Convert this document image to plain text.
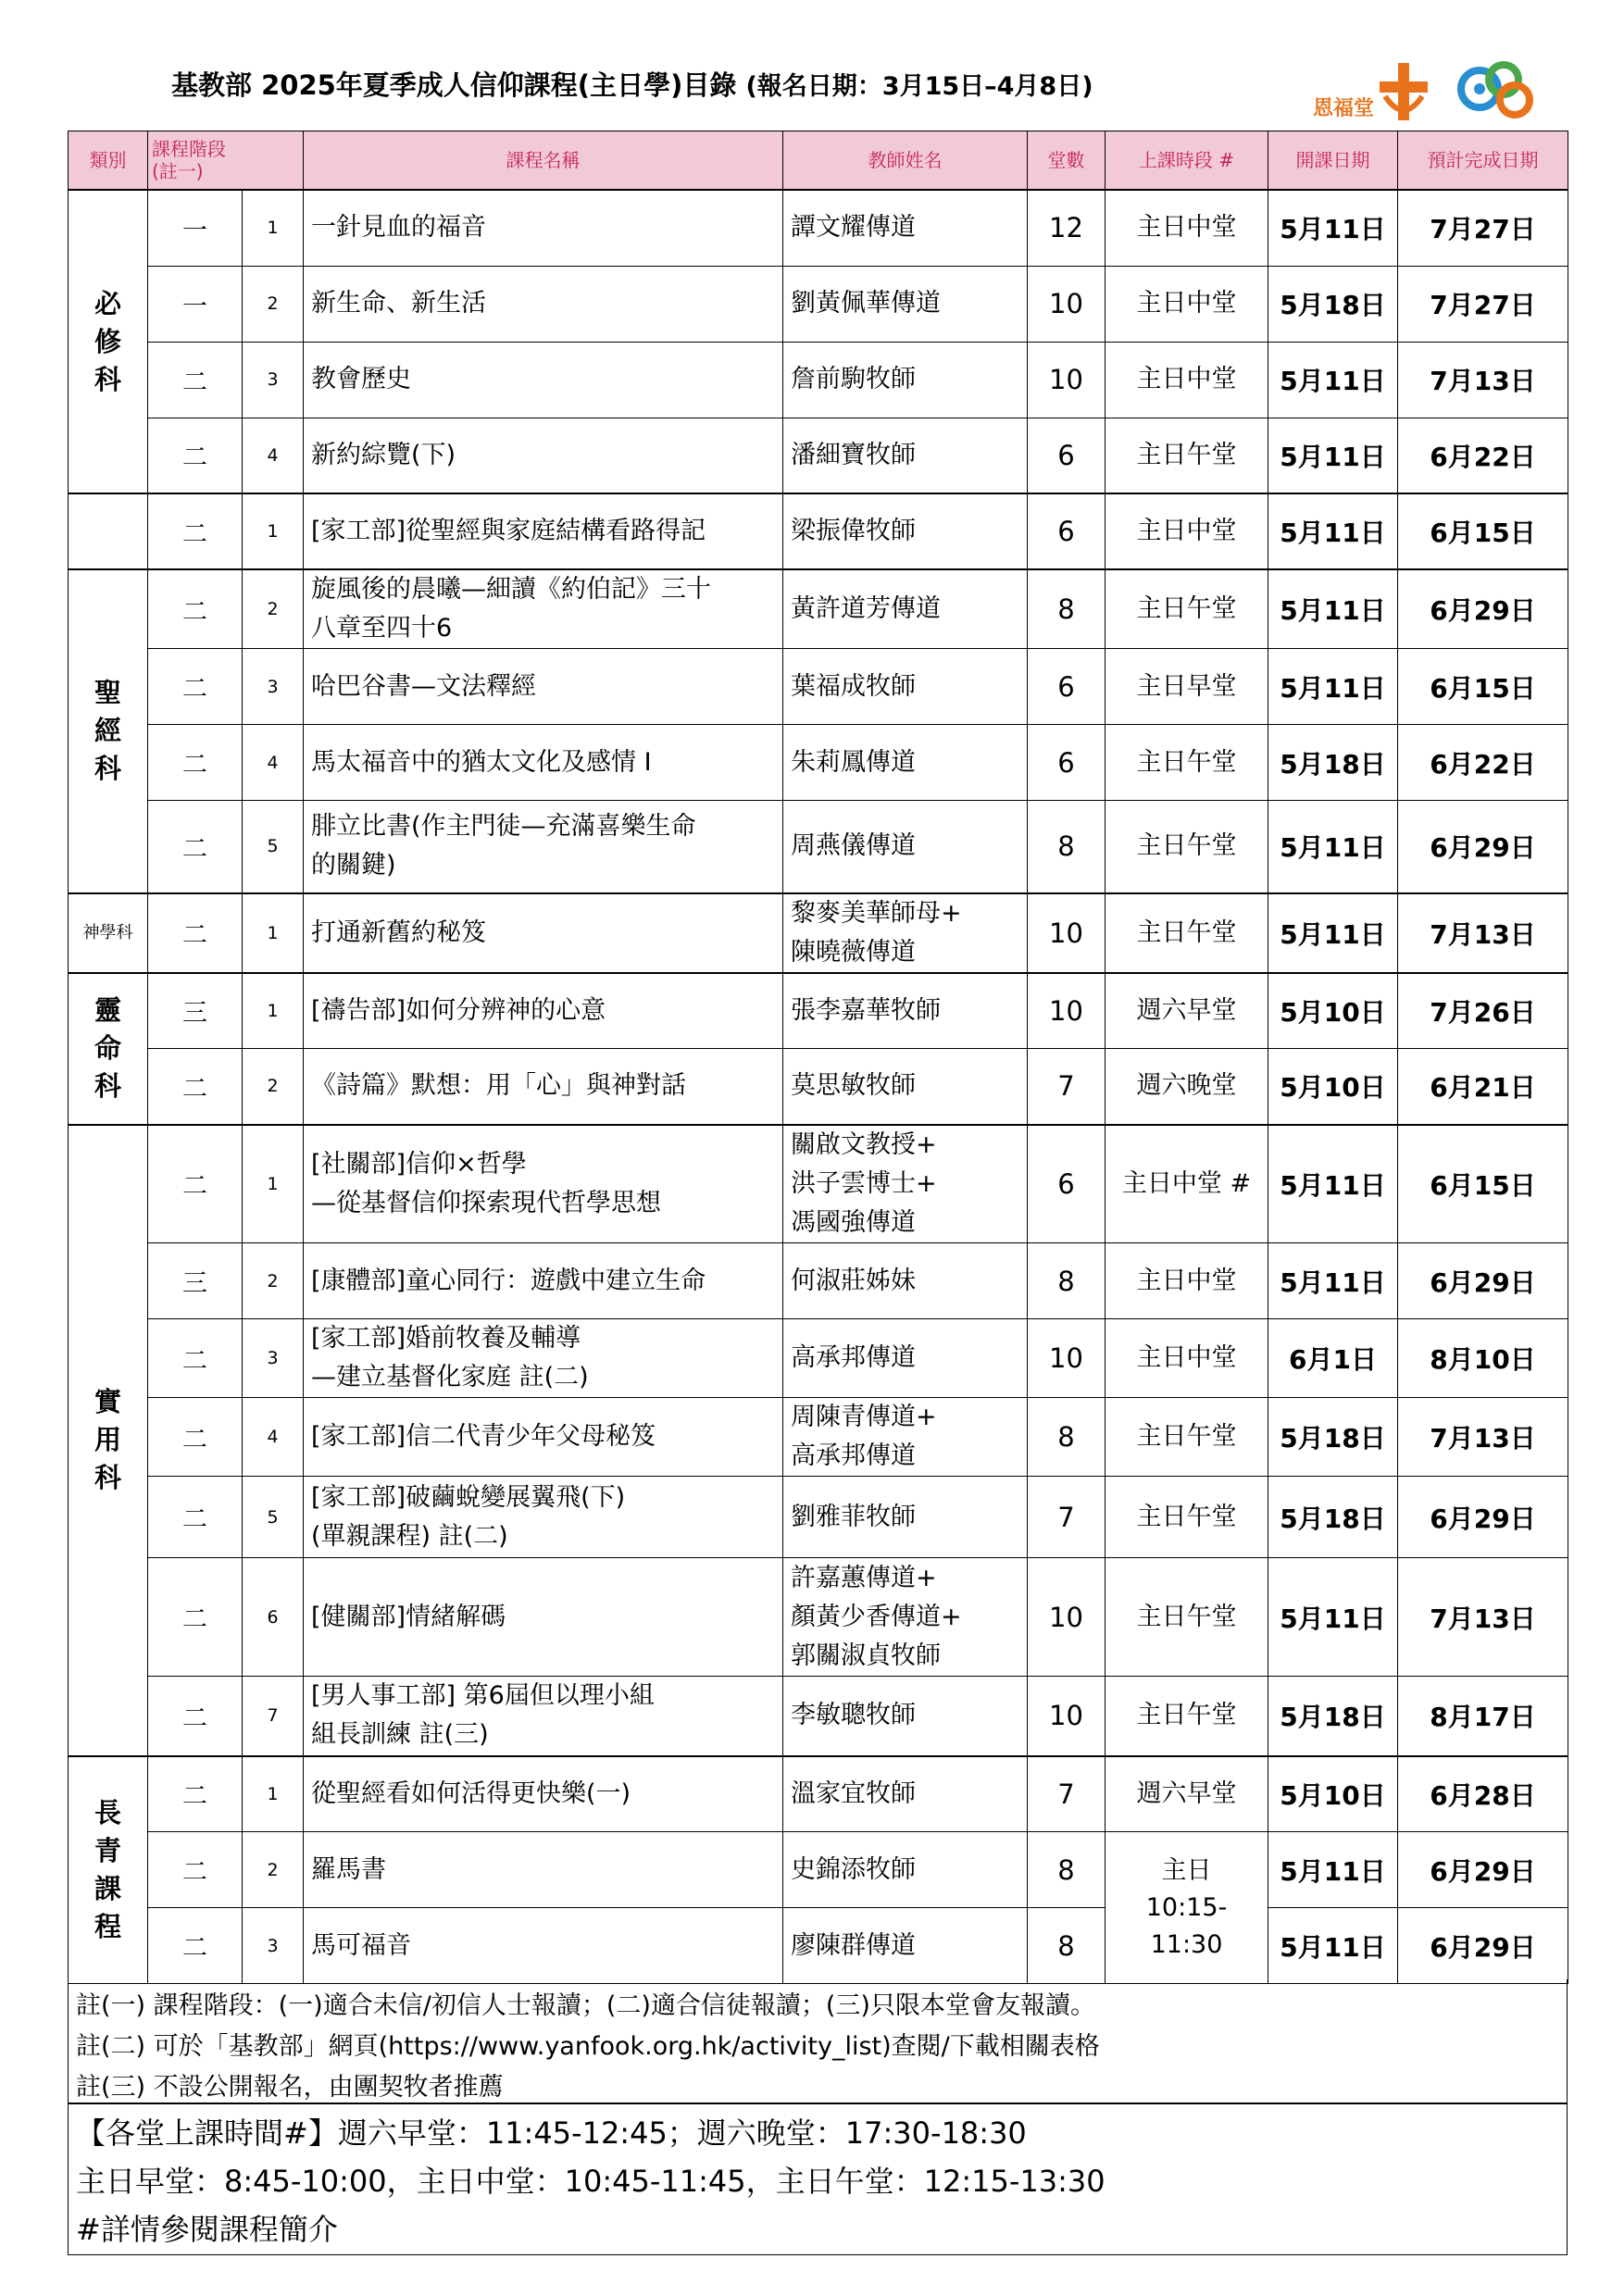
基教部 2025年夏季成人信仰課程(主日學)目錄 (報名日期：3月15日–4月8日)
恩福堂
類別	課程階段
(註一)		課程名稱	教師姓名	堂數	上課時段 #	開課日期	預計完成日期
必
修
科	一	1	一針見血的福音	譚文耀傳道	12	主日中堂	5月11日	7月27日
	一	2	新生命、新生活	劉黃佩華傳道	10	主日中堂	5月18日	7月27日
	二	3	教會歷史	詹前駒牧師	10	主日中堂	5月11日	7月13日
	二	4	新約綜覽(下)	潘細寶牧師	6	主日午堂	5月11日	6月22日
	二	1	[家工部]從聖經與家庭結構看路得記	梁振偉牧師	6	主日中堂	5月11日	6月15日
聖
經
科	二	2	旋風後的晨曦—細讀《約伯記》三十
八章至四十6	黃許道芳傳道	8	主日午堂	5月11日	6月29日
	二	3	哈巴谷書—文法釋經	葉福成牧師	6	主日早堂	5月11日	6月15日
	二	4	馬太福音中的猶太文化及感情 I	朱莉鳳傳道	6	主日午堂	5月18日	6月22日
	二	5	腓立比書(作主門徒—充滿喜樂生命
的關鍵)	周燕儀傳道	8	主日午堂	5月11日	6月29日
神學科	二	1	打通新舊約秘笈	黎麥美華師母+
陳曉薇傳道	10	主日午堂	5月11日	7月13日
靈
命
科	三	1	[禱告部]如何分辨神的心意	張李嘉華牧師	10	週六早堂	5月10日	7月26日
	二	2	《詩篇》默想：用「心」與神對話	莫思敏牧師	7	週六晚堂	5月10日	6月21日
實
用
科	二	1	[社關部]信仰×哲學
—從基督信仰探索現代哲學思想	關啟文教授+
洪子雲博士+
馮國強傳道	6	主日中堂 #	5月11日	6月15日
	三	2	[康體部]童心同行：遊戲中建立生命	何淑莊姊妹	8	主日中堂	5月11日	6月29日
	二	3	[家工部]婚前牧養及輔導
—建立基督化家庭 註(二)	高承邦傳道	10	主日中堂	6月1日	8月10日
	二	4	[家工部]信二代青少年父母秘笈	周陳青傳道+
高承邦傳道	8	主日午堂	5月18日	7月13日
	二	5	[家工部]破繭蛻變展翼飛(下)
(單親課程) 註(二)	劉雅菲牧師	7	主日午堂	5月18日	6月29日
	二	6	[健關部]情緒解碼	許嘉蕙傳道+
顏黃少香傳道+
郭關淑貞牧師	10	主日午堂	5月11日	7月13日
	二	7	[男人事工部] 第6屆但以理小組
組長訓練 註(三)	李敏聰牧師	10	主日午堂	5月18日	8月17日
長
青
課
程	二	1	從聖經看如何活得更快樂(一)	溫家宜牧師	7	週六早堂	5月10日	6月28日
	二	2	羅馬書	史錦添牧師	8	主日
10:15-
11:30	5月11日	6月29日
	二	3	馬可福音	廖陳群傳道	8		5月11日	6月29日
註(一) 課程階段：(一)適合未信/初信人士報讀；(二)適合信徒報讀；(三)只限本堂會友報讀。
註(二) 可於「基教部」網頁(https://www.yanfook.org.hk/activity_list)查閱/下載相關表格
註(三) 不設公開報名，由團契牧者推薦
【各堂上課時間#】週六早堂：11:45-12:45；週六晚堂：17:30-18:30
主日早堂：8:45-10:00，主日中堂：10:45-11:45，主日午堂：12:15-13:30
#詳情參閱課程簡介
